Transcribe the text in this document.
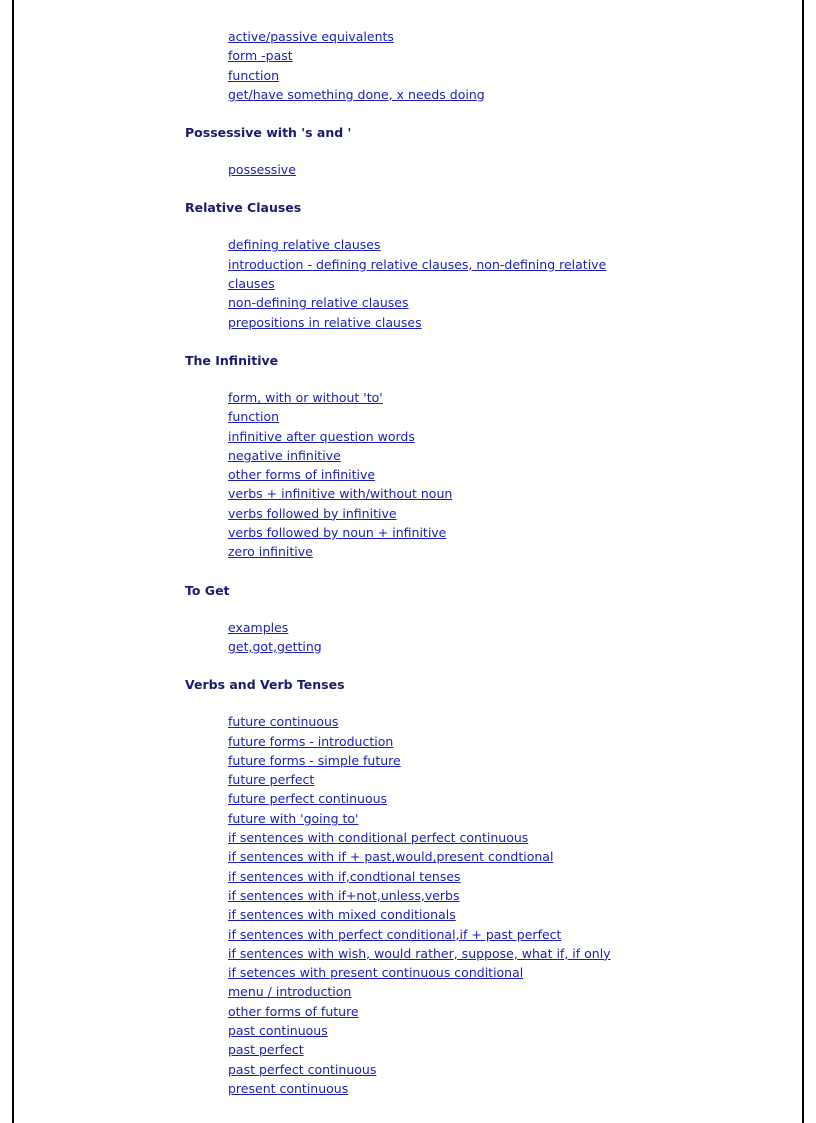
active/passive equivalents
form -past
function
get/have something done, x needs doing
Possessive with 's and '
possessive
Relative Clauses
defining relative clauses
introduction - defining relative clauses, non-defining relative clauses
non-defining relative clauses
prepositions in relative clauses
The Infinitive
form, with or without 'to'
function
infinitive after question words
negative infinitive
other forms of infinitive
verbs + infinitive with/without noun
verbs followed by infinitive
verbs followed by noun + infinitive
zero infinitive
To Get
examples
get,got,getting
Verbs and Verb Tenses
future continuous
future forms - introduction
future forms - simple future
future perfect
future perfect continuous
future with 'going to'
if sentences with conditional perfect continuous
if sentences with if + past,would,present condtional
if sentences with if,condtional tenses
if sentences with if+not,unless,verbs
if sentences with mixed conditionals
if sentences with perfect conditional,if + past perfect
if sentences with wish, would rather, suppose, what if, if only
if setences with present continuous conditional
menu / introduction
other forms of future
past continuous
past perfect
past perfect continuous
present continuous
